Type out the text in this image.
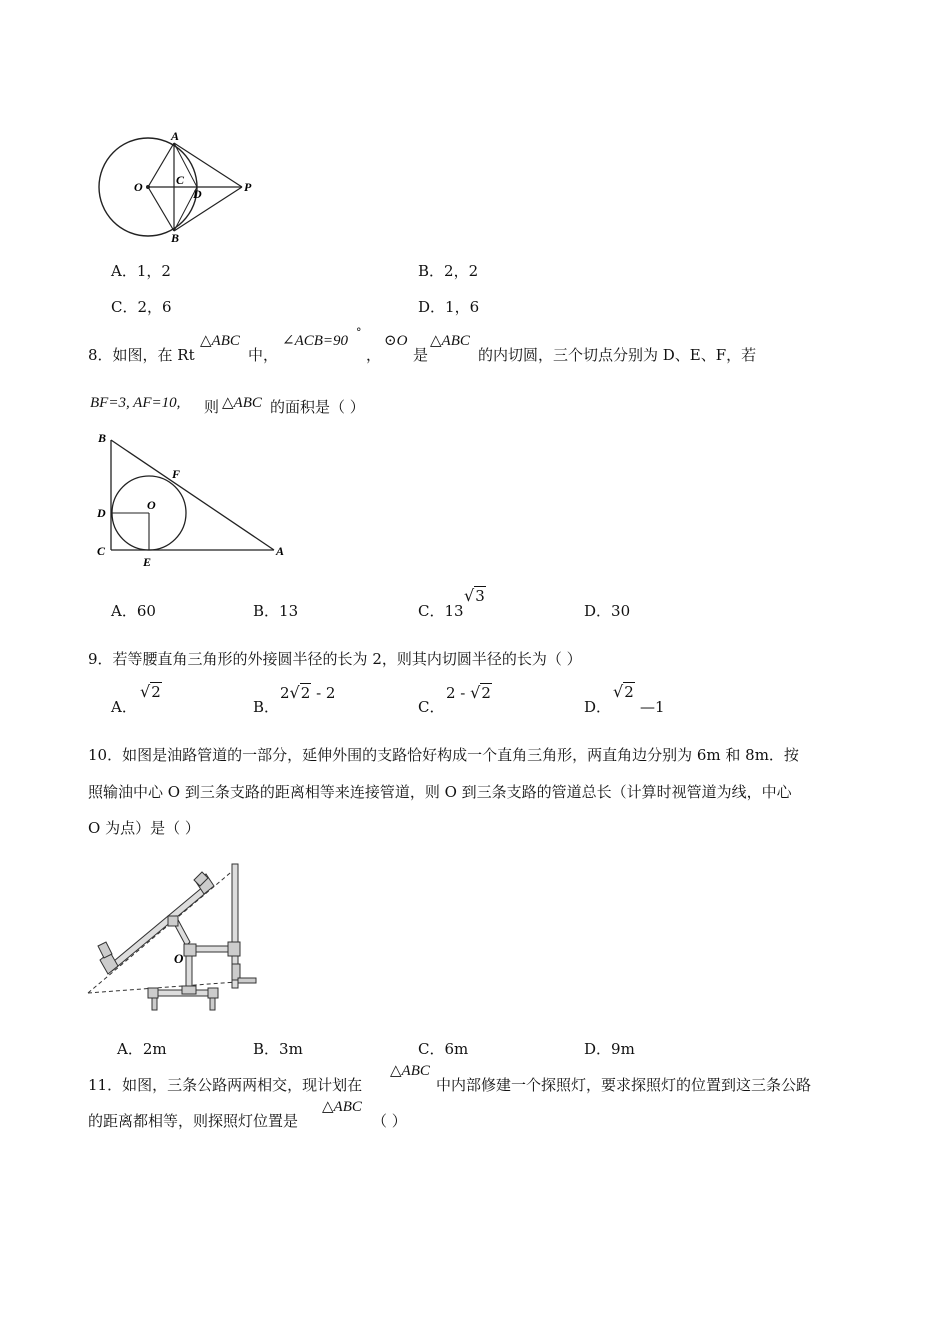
A
B
C
D
O	P
A．1，2	B．2，2
C．2，6	D．1，6
8．如图，在 Rt
△ABC
中，
∠ACB=90
°
，
⊙O
是
△ABC
的内切圆，三个切点分别为 D、E、F，若
BF=3, AF=10, 则 △ABC 的面积是（ ）
B
F
D
O
C
E
A
A．60	B．13	C．13
√3
D．30
9．若等腰直角三角形的外接圆半径的长为 2，则其内切圆半径的长为（ ）
A．
√2
B．
2√2 - 2
C．
2 - √2
D．
√2
—1
10．如图是油路管道的一部分，延伸外围的支路恰好构成一个直角三角形，两直角边分别为 6m 和 8m．按
照输油中心 O 到三条支路的距离相等来连接管道，则 O 到三条支路的管道总长（计算时视管道为线，中心
O 为点）是（ ）
O
A．2m	B．3m	C．6m	D．9m
11．如图，三条公路两两相交，现计划在
△ABC
中内部修建一个探照灯，要求探照灯的位置到这三条公路
的距离都相等，则探照灯位置是
△ABC
（ ）
